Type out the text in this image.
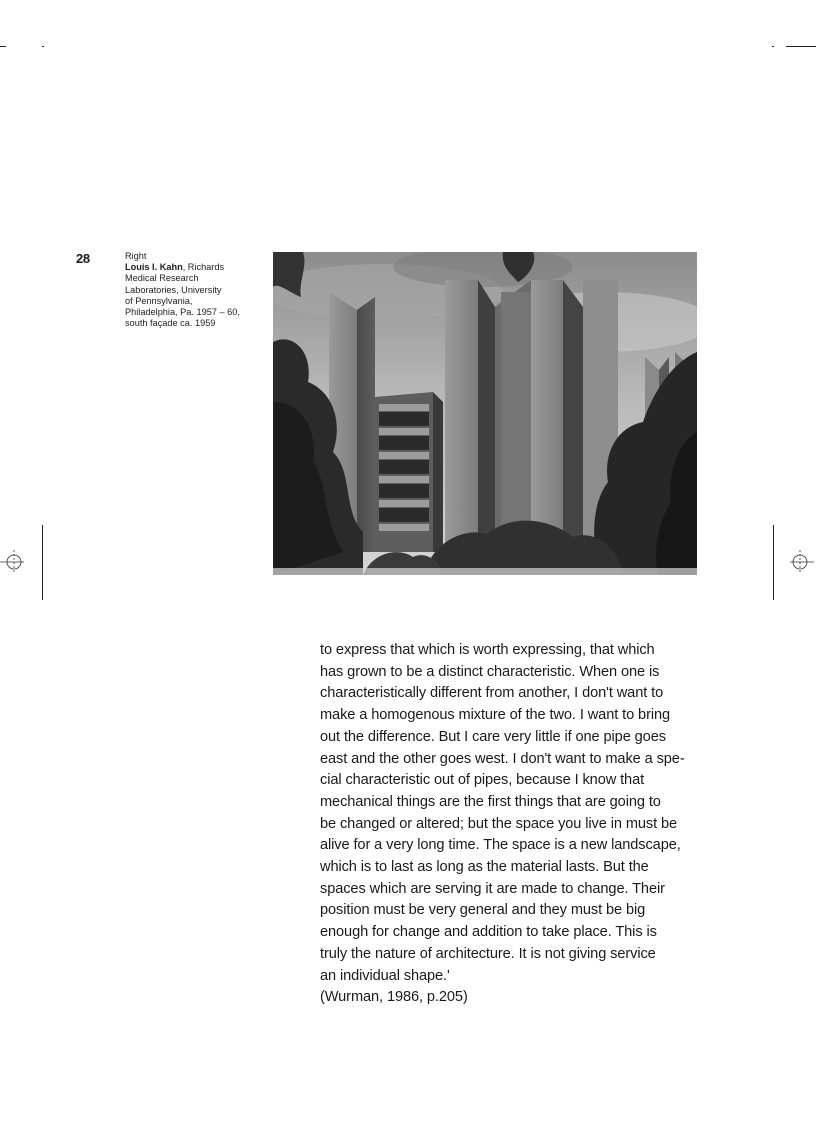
28	Right
Louis I. Kahn, Richards
Medical Research
Laboratories, University
of Pennsylvania,
Philadelphia, Pa. 1957 – 60,
south façade ca. 1959
to express that which is worth expressing, that which
has grown to be a distinct characteristic. When one is
characteristically different from another, I don't want to
make a homogenous mixture of the two. I want to bring
out the difference. But I care very little if one pipe goes
east and the other goes west. I don't want to make a spe-
cial characteristic out of pipes, because I know that
mechanical things are the first things that are going to
be changed or altered; but the space you live in must be
alive for a very long time. The space is a new landscape,
which is to last as long as the material lasts. But the
spaces which are serving it are made to change. Their
position must be very general and they must be big
enough for change and addition to take place. This is
truly the nature of architecture. It is not giving service
an individual shape.'
(Wurman, 1986, p.205)
